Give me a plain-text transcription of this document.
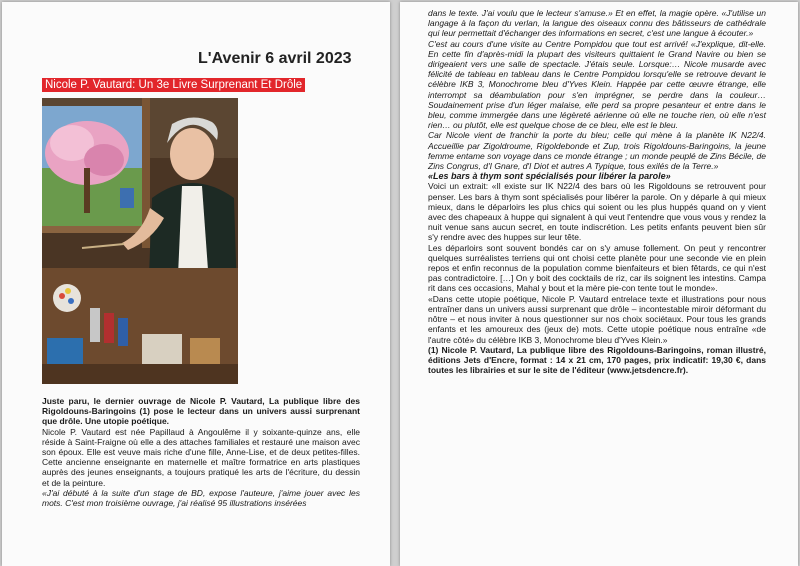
L'Avenir 6 avril 2023
Nicole P. Vautard: Un 3e Livre Surprenant Et Drôle

Juste paru, le dernier ouvrage de Nicole P. Vautard, La publique libre des Rigoldouns-Baringoins (1) pose le lecteur dans un univers aussi surprenant que drôle. Une utopie poétique.

Nicole P. Vautard est née Papillaud à Angoulême il y soixante-quinze ans, elle réside à Saint-Fraigne où elle a des attaches familiales et restauré une maison avec son époux. Elle est veuve mais riche d'une fille, Anne-Lise, et de deux petites-filles. Cette ancienne enseignante en maternelle et maître formatrice en arts plastiques auprès des jeunes enseignants, a toujours pratiqué les arts de l'écriture, du dessin et de la peinture.

«J'ai débuté à la suite d'un stage de BD, expose l'auteure, j'aime jouer avec les mots. C'est mon troisième ouvrage, j'ai réalisé 95 illustrations insérées

dans le texte. J'ai voulu que le lecteur s'amuse.» Et en effet, la magie opère. «J'utilise un langage à la façon du verlan, la langue des oiseaux connu des bâtisseurs de cathédrale qui leur permettait d'échanger des informations en secret, c'est une langue à écouter.»

C'est au cours d'une visite au Centre Pompidou que tout est arrivé! «J'explique, dit-elle. En cette fin d'après-midi la plupart des visiteurs quittaient le Grand Navire ou bien se dirigeaient vers une salle de spectacle. J'étais seule. Lorsque:… Nicole musarde avec félicité de tableau en tableau dans le Centre Pompidou lorsqu'elle se retrouve devant le célèbre IKB 3, Monochrome bleu d'Yves Klein. Happée par cette œuvre étrange, elle interrompt sa déambulation pour s'en imprégner, se perdre dans la couleur… Soudainement prise d'un léger malaise, elle perd sa propre pesanteur et entre dans le bleu, comme immergée dans une légèreté aérienne où elle ne touche rien, où elle n'est rien… ou plutôt, elle est quelque chose de ce bleu, elle est le bleu.

Car Nicole vient de franchir la porte du bleu; celle qui mène à la planète IK N22/4. Accueillie par Zigoldroume, Rigoldebonde et Zup, trois Rigoldouns-Baringoins, la jeune femme entame son voyage dans ce monde étrange ; un monde peuplé de Zins Bécile, de Zins Congrus, d'I Gnare, d'I Diot et autres A Typique, tous exilés de la Terre.»

«Les bars à thym sont spécialisés pour libérer la parole»

Voici un extrait: «Il existe sur IK N22/4 des bars où les Rigoldouns se retrouvent pour penser. Les bars à thym sont spécialisés pour libérer la parole. On y déparle à qui mieux mieux, dans le déparloirs les plus chics qui soient ou les plus huppés quand on y vient avec des chapeaux à huppe qui signalent à qui veut l'entendre que vous vous y rendez la nuit venue sans aucun secret, en toute indiscrétion. Les petits enfants peuvent bien sûr s'y rendre avec des huppes sur leur tête.

Les déparloirs sont souvent bondés car on s'y amuse follement. On peut y rencontrer quelques surréalistes terriens qui ont choisi cette planète pour une seconde vie en plein repos et enfin reconnus de la population comme bienfaiteurs et bien fêtards, ce qui n'est pas contradictoire. […] On y boit des cocktails de riz, car ils soignent les intestins. Campa rit dans ces occasions, Mahal y bout et la mère pie-con tente tout le monde».

«Dans cette utopie poétique, Nicole P. Vautard entrelace texte et illustrations pour nous entraîner dans un univers aussi surprenant que drôle – incontestable miroir déformant du nôtre – et nous inviter à nous questionner sur nos choix sociétaux. Pour tous les grands enfants et les amoureux des (jeux de) mots. Cette utopie poétique nous entraîne «de l'autre côté» du célèbre IKB 3, Monochrome bleu d'Yves Klein.»

(1) Nicole P. Vautard, La publique libre des Rigoldouns-Baringoins, roman illustré, éditions Jets d'Encre, format : 14 x 21 cm, 170 pages, prix indicatif: 19,30 €, dans toutes les librairies et sur le site de l'éditeur (www.jetsdencre.fr).
